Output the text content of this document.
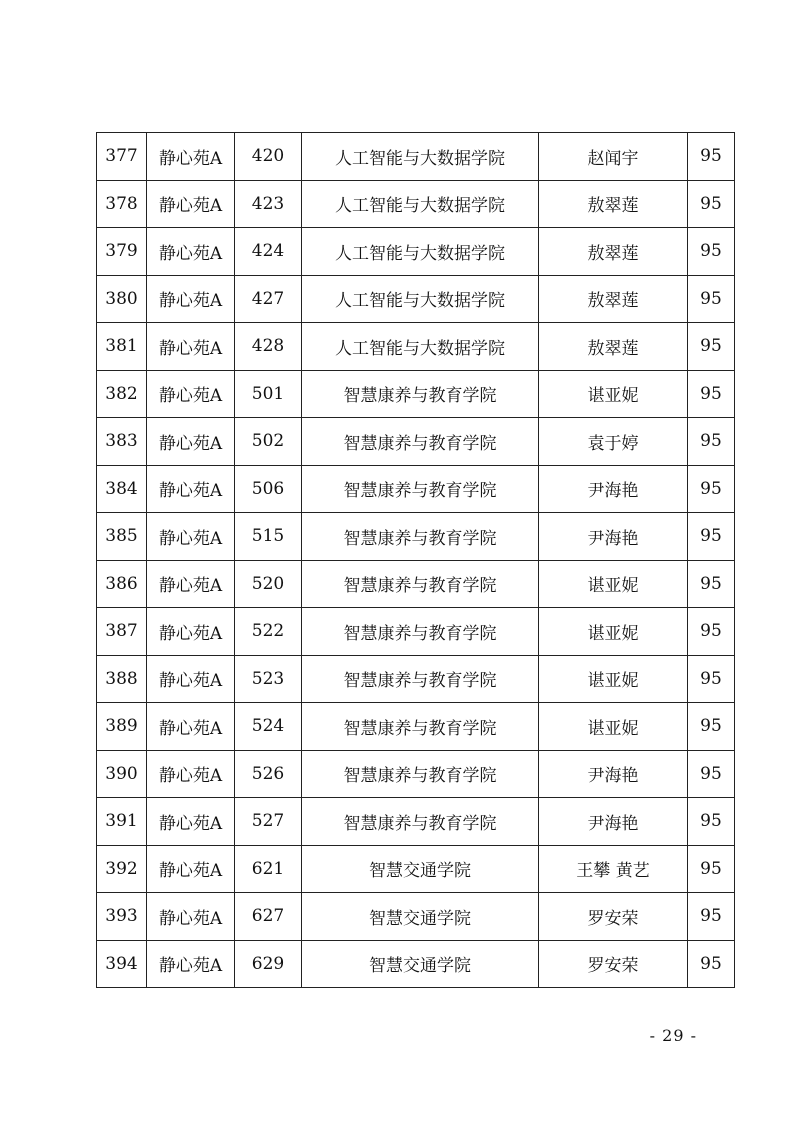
377	静心苑A	420	人工智能与大数据学院	赵闻宇	95
378	静心苑A	423	人工智能与大数据学院	敖翠莲	95
379	静心苑A	424	人工智能与大数据学院	敖翠莲	95
380	静心苑A	427	人工智能与大数据学院	敖翠莲	95
381	静心苑A	428	人工智能与大数据学院	敖翠莲	95
382	静心苑A	501	智慧康养与教育学院	谌亚妮	95
383	静心苑A	502	智慧康养与教育学院	袁于婷	95
384	静心苑A	506	智慧康养与教育学院	尹海艳	95
385	静心苑A	515	智慧康养与教育学院	尹海艳	95
386	静心苑A	520	智慧康养与教育学院	谌亚妮	95
387	静心苑A	522	智慧康养与教育学院	谌亚妮	95
388	静心苑A	523	智慧康养与教育学院	谌亚妮	95
389	静心苑A	524	智慧康养与教育学院	谌亚妮	95
390	静心苑A	526	智慧康养与教育学院	尹海艳	95
391	静心苑A	527	智慧康养与教育学院	尹海艳	95
392	静心苑A	621	智慧交通学院	王攀 黄艺	95
393	静心苑A	627	智慧交通学院	罗安荣	95
394	静心苑A	629	智慧交通学院	罗安荣	95
- 29 -
